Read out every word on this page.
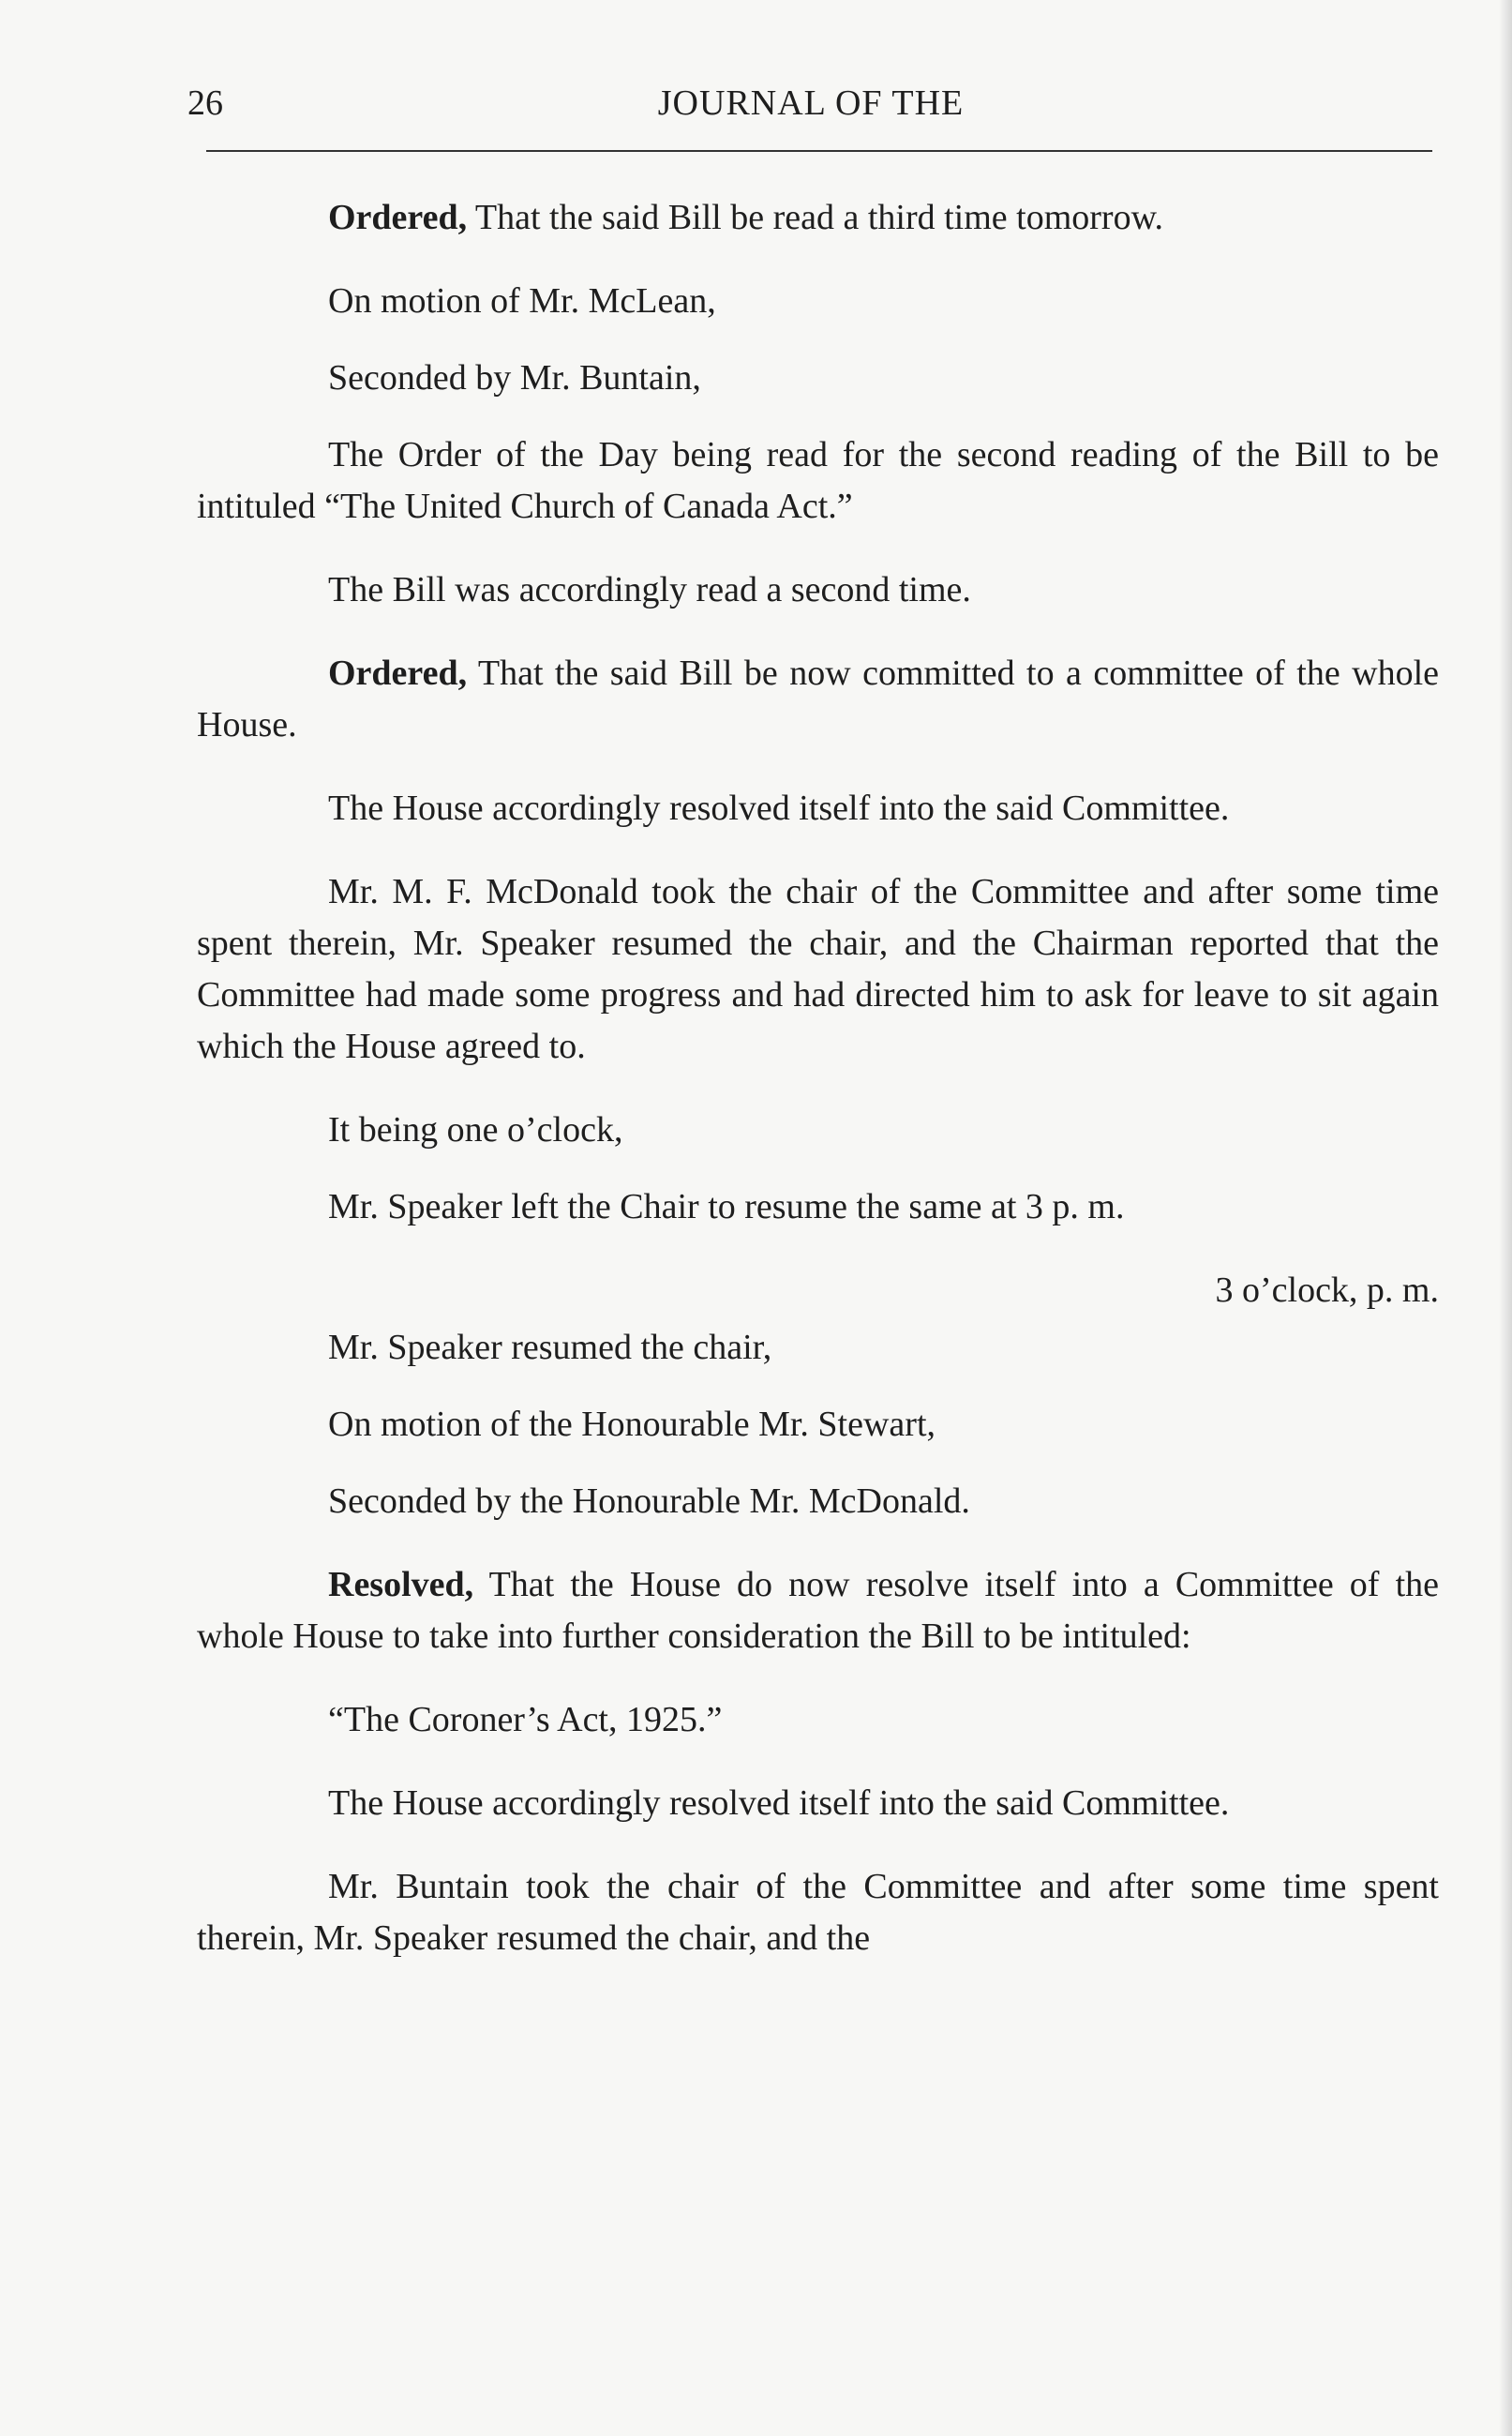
26	JOURNAL OF THE

Ordered, That the said Bill be read a third time tomorrow.

On motion of Mr. McLean,

Seconded by Mr. Buntain,

The Order of the Day being read for the second reading of the Bill to be intituled “The United Church of Canada Act.”

The Bill was accordingly read a second time.

Ordered, That the said Bill be now committed to a committee of the whole House.

The House accordingly resolved itself into the said Committee.

Mr. M. F. McDonald took the chair of the Committee and after some time spent therein, Mr. Speaker resumed the chair, and the Chairman reported that the Committee had made some progress and had directed him to ask for leave to sit again which the House agreed to.

It being one o’clock,

Mr. Speaker left the Chair to resume the same at 3 p. m.

3 o’clock, p. m.

Mr. Speaker resumed the chair,

On motion of the Honourable Mr. Stewart,

Seconded by the Honourable Mr. McDonald.

Resolved, That the House do now resolve itself into a Committee of the whole House to take into further consideration the Bill to be intituled:

“The Coroner’s Act, 1925.”

The House accordingly resolved itself into the said Committee.

Mr. Buntain took the chair of the Committee and after some time spent therein, Mr. Speaker resumed the chair, and the
